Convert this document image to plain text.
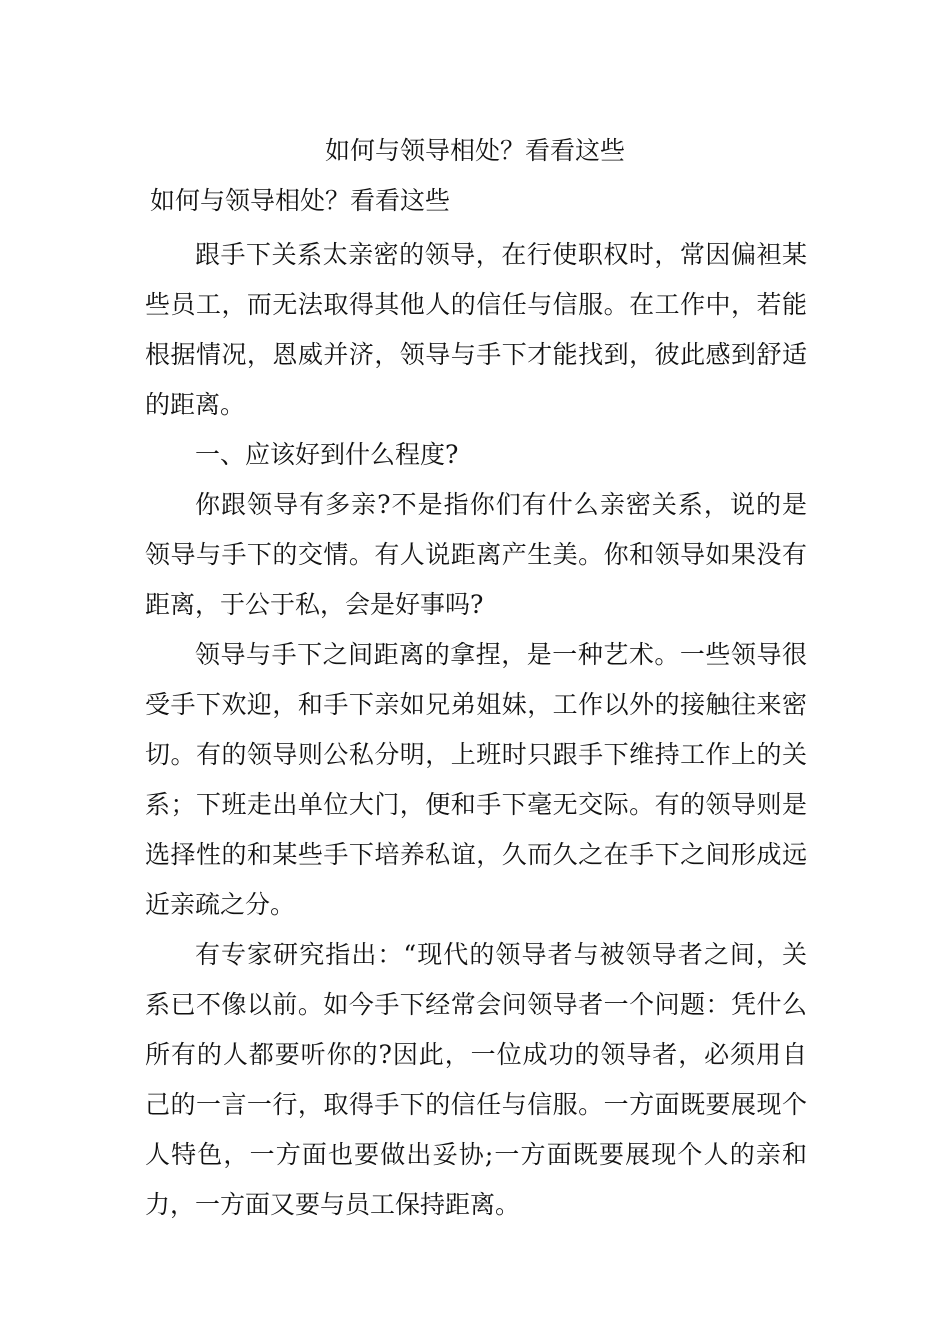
如何与领导相处？看看这些
如何与领导相处？看看这些

跟手下关系太亲密的领导，在行使职权时，常因偏袒某些员工，而无法取得其他人的信任与信服。在工作中，若能根据情况，恩威并济，领导与手下才能找到，彼此感到舒适的距离。

一、应该好到什么程度?

你跟领导有多亲?不是指你们有什么亲密关系，说的是领导与手下的交情。有人说距离产生美。你和领导如果没有距离，于公于私，会是好事吗?

领导与手下之间距离的拿捏，是一种艺术。一些领导很受手下欢迎，和手下亲如兄弟姐妹，工作以外的接触往来密切。有的领导则公私分明，上班时只跟手下维持工作上的关系；下班走出单位大门，便和手下毫无交际。有的领导则是选择性的和某些手下培养私谊，久而久之在手下之间形成远近亲疏之分。

有专家研究指出：“现代的领导者与被领导者之间，关系已不像以前。如今手下经常会问领导者一个问题：凭什么所有的人都要听你的?因此，一位成功的领导者，必须用自己的一言一行，取得手下的信任与信服。一方面既要展现个人特色，一方面也要做出妥协;一方面既要展现个人的亲和力，一方面又要与员工保持距离。
